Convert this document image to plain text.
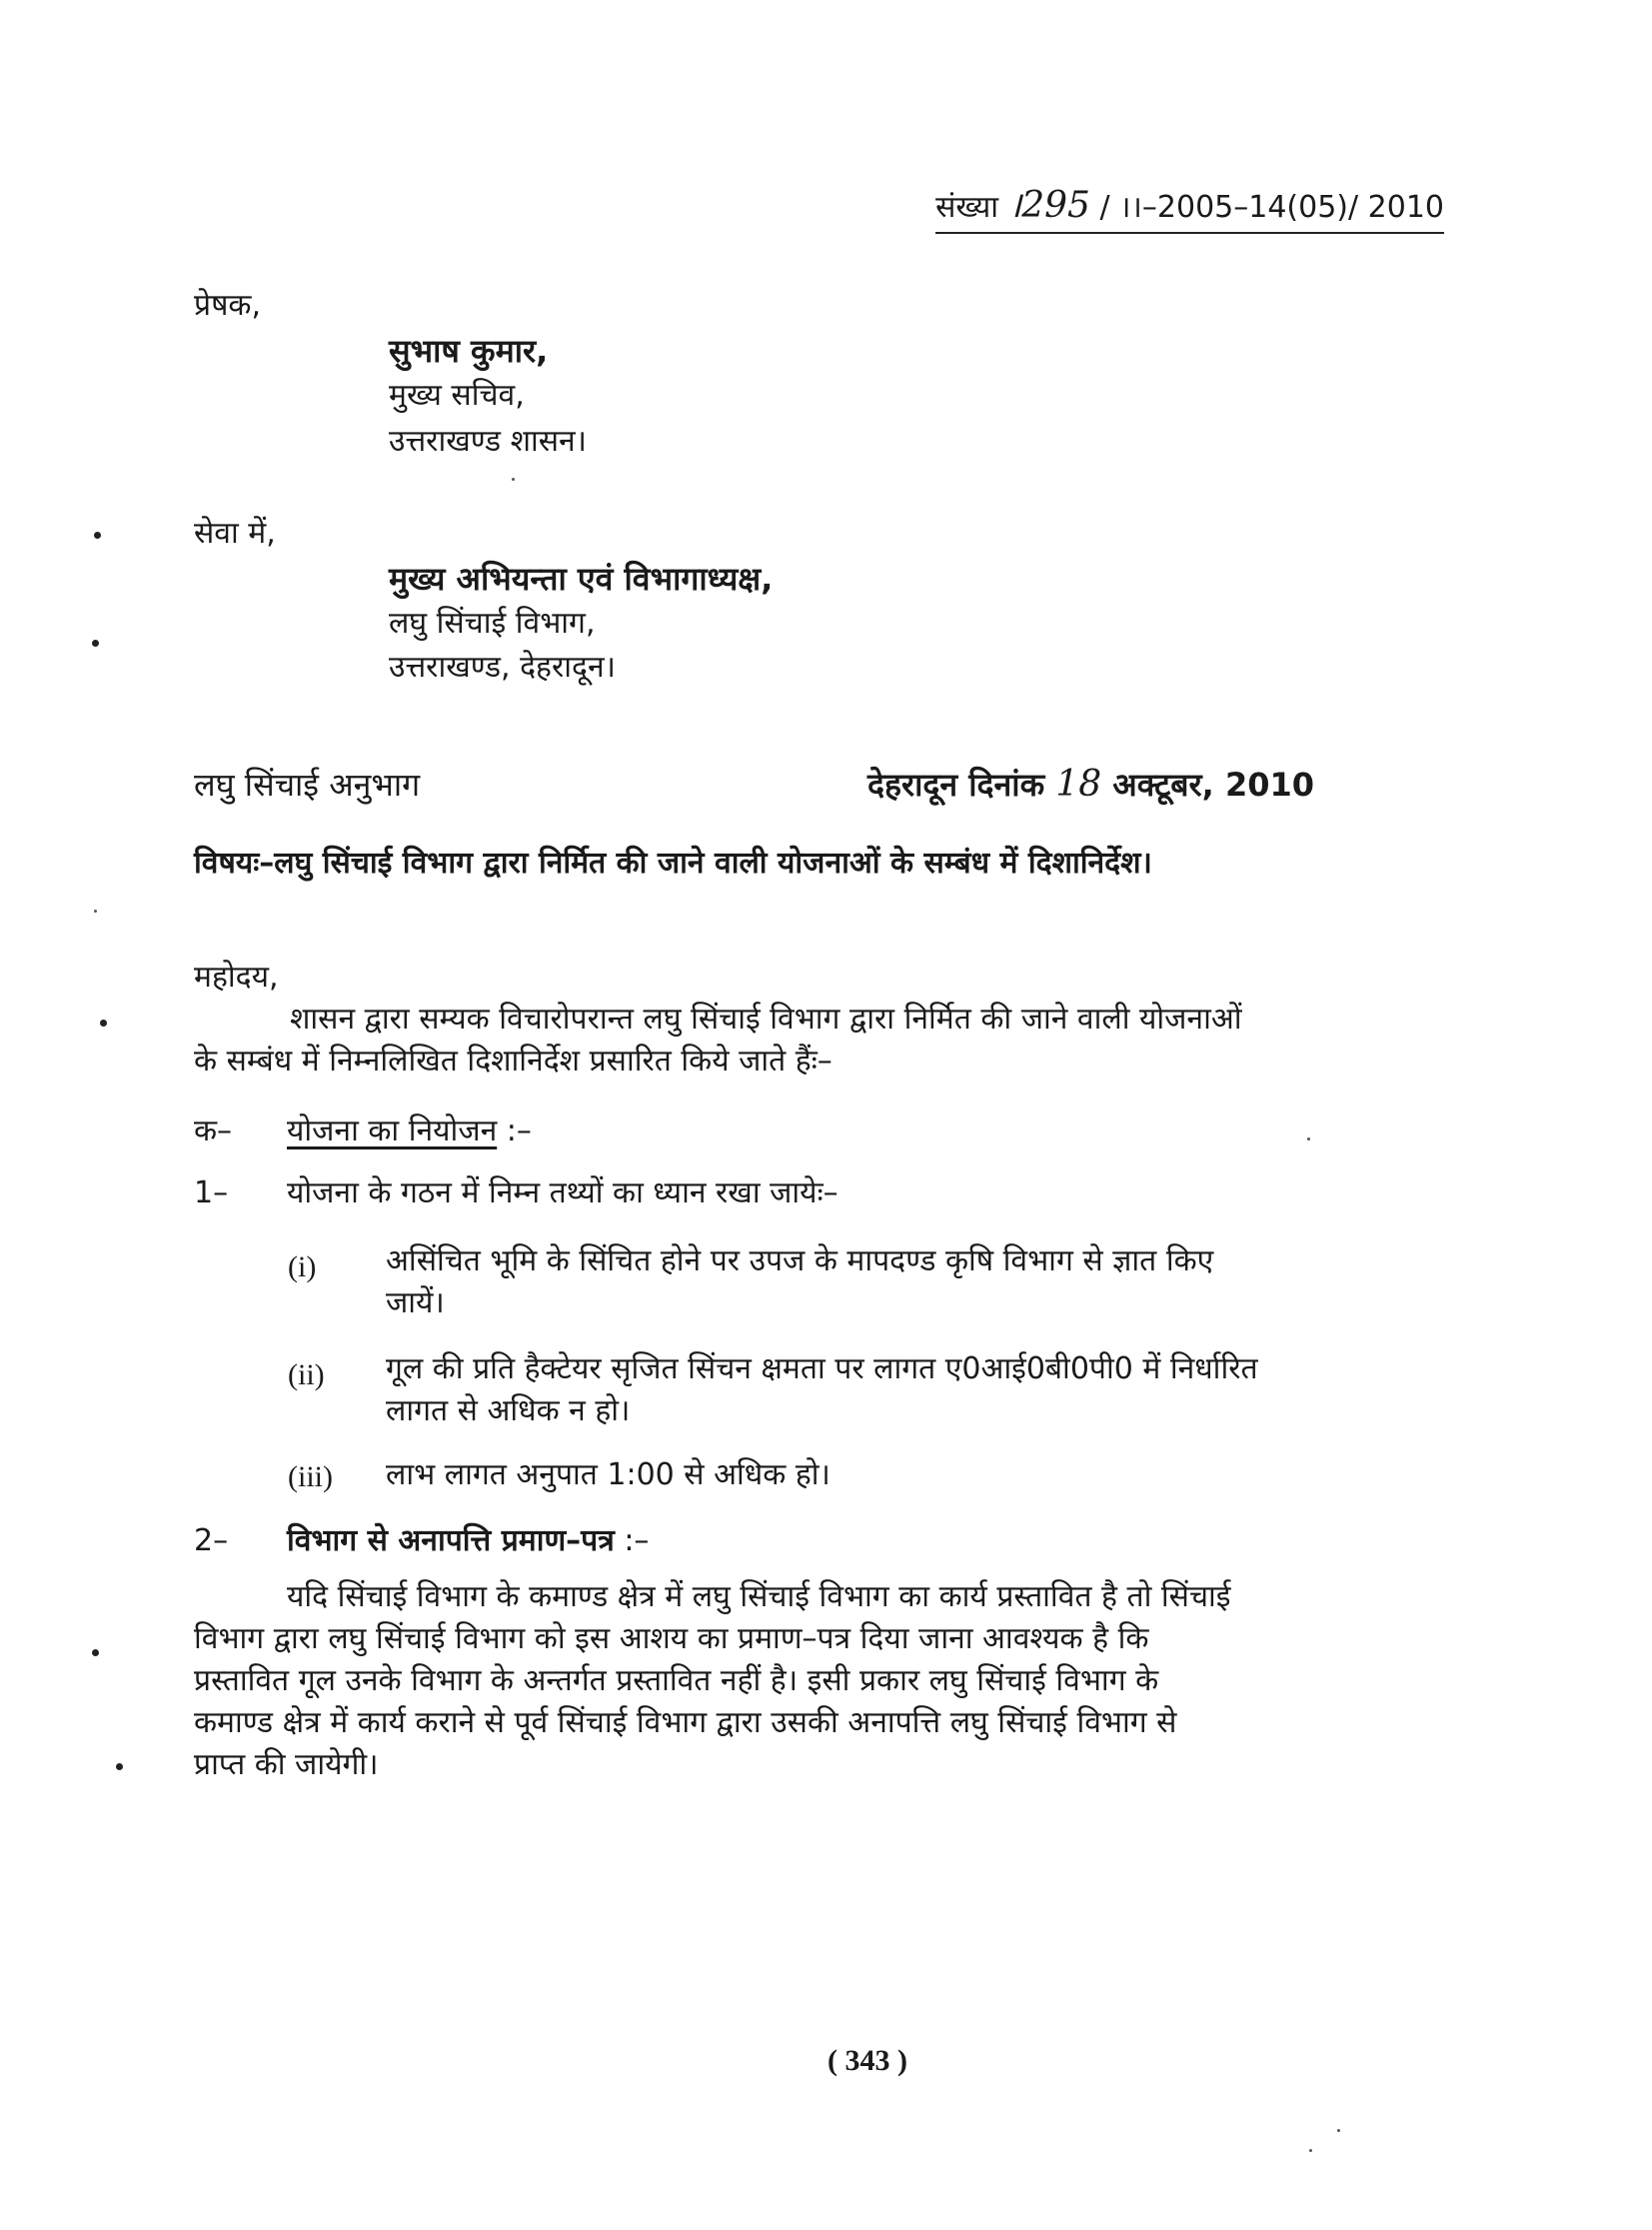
संख्या ।295 / ।।–2005–14(05)/ 2010
प्रेषक,
सुभाष कुमार,
मुख्य सचिव,
उत्तराखण्ड शासन।
सेवा में,
मुख्य अभियन्ता एवं विभागाध्यक्ष,
लघु सिंचाई विभाग,
उत्तराखण्ड, देहरादून।
लघु सिंचाई अनुभाग	देहरादून दिनांक 18 अक्टूबर, 2010
विषयः–लघु सिंचाई विभाग द्वारा निर्मित की जाने वाली योजनाओं के सम्बंध में दिशानिर्देश।
महोदय,
शासन द्वारा सम्यक विचारोपरान्त लघु सिंचाई विभाग द्वारा निर्मित की जाने वाली योजनाओं
के सम्बंध में निम्नलिखित दिशानिर्देश प्रसारित किये जाते हैंः–
क– योजना का नियोजन :–
1– योजना के गठन में निम्न तथ्यों का ध्यान रखा जायेः–
(i) असिंचित भूमि के सिंचित होने पर उपज के मापदण्ड कृषि विभाग से ज्ञात किए
जायें।
(ii) गूल की प्रति हैक्टेयर सृजित सिंचन क्षमता पर लागत ए0आई0बी0पी0 में निर्धारित
लागत से अधिक न हो।
(iii) लाभ लागत अनुपात 1:00 से अधिक हो।
2– विभाग से अनापत्ति प्रमाण–पत्र :–
यदि सिंचाई विभाग के कमाण्ड क्षेत्र में लघु सिंचाई विभाग का कार्य प्रस्तावित है तो सिंचाई
विभाग द्वारा लघु सिंचाई विभाग को इस आशय का प्रमाण–पत्र दिया जाना आवश्यक है कि
प्रस्तावित गूल उनके विभाग के अन्तर्गत प्रस्तावित नहीं है। इसी प्रकार लघु सिंचाई विभाग के
कमाण्ड क्षेत्र में कार्य कराने से पूर्व सिंचाई विभाग द्वारा उसकी अनापत्ति लघु सिंचाई विभाग से
प्राप्त की जायेगी।
( 343 )
